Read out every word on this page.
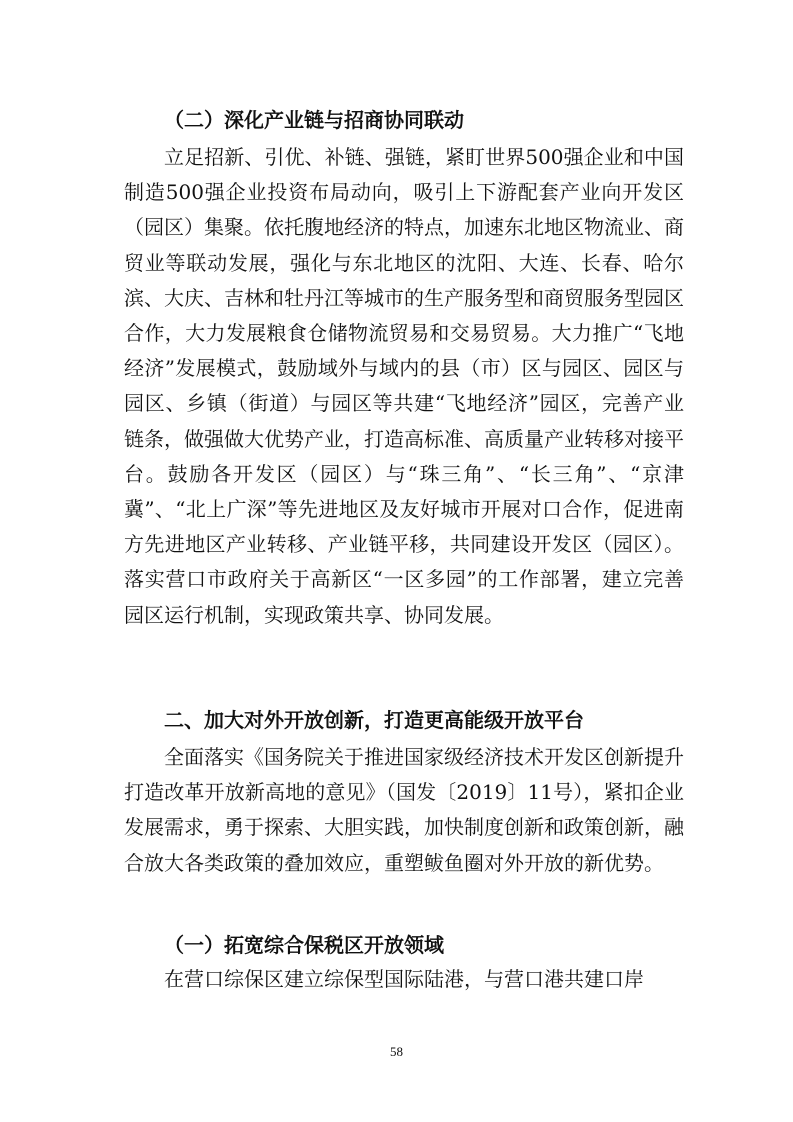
（二）深化产业链与招商协同联动

立足招新、引优、补链、强链，紧盯世界500强企业和中国制造500强企业投资布局动向，吸引上下游配套产业向开发区（园区）集聚。依托腹地经济的特点，加速东北地区物流业、商贸业等联动发展，强化与东北地区的沈阳、大连、长春、哈尔滨、大庆、吉林和牡丹江等城市的生产服务型和商贸服务型园区合作，大力发展粮食仓储物流贸易和交易贸易。大力推广“飞地经济”发展模式，鼓励域外与域内的县（市）区与园区、园区与园区、乡镇（街道）与园区等共建“飞地经济”园区，完善产业链条，做强做大优势产业，打造高标准、高质量产业转移对接平台。鼓励各开发区（园区）与“珠三角”、“长三角”、“京津冀”、“北上广深”等先进地区及友好城市开展对口合作，促进南方先进地区产业转移、产业链平移，共同建设开发区（园区）。落实营口市政府关于高新区“一区多园”的工作部署，建立完善园区运行机制，实现政策共享、协同发展。

二、加大对外开放创新，打造更高能级开放平台

全面落实《国务院关于推进国家级经济技术开发区创新提升打造改革开放新高地的意见》（国发〔2019〕11号），紧扣企业发展需求，勇于探索、大胆实践，加快制度创新和政策创新，融合放大各类政策的叠加效应，重塑鲅鱼圈对外开放的新优势。

（一）拓宽综合保税区开放领域

在营口综保区建立综保型国际陆港，与营口港共建口岸

58
